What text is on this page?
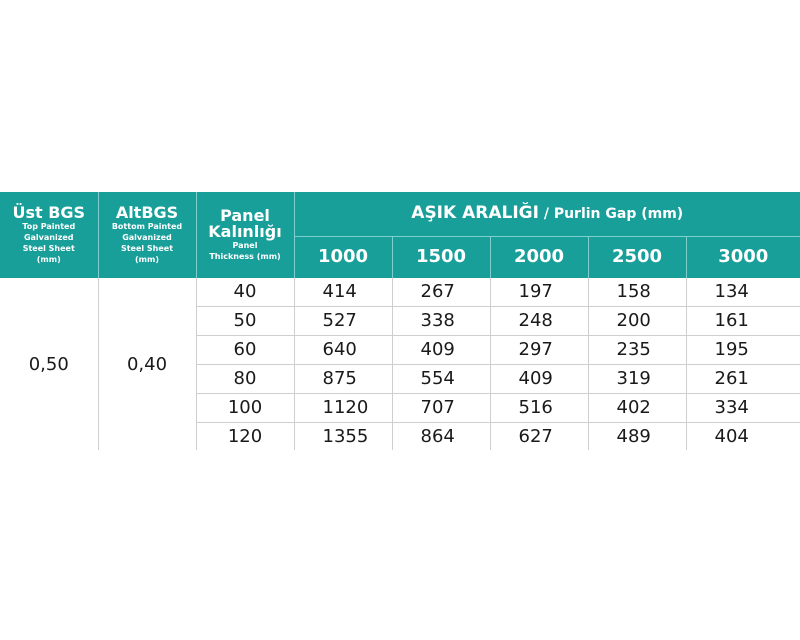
Üst BGS
Top Painted
Galvanized
Steel Sheet
(mm)	AltBGS
Bottom Painted
Galvanized
Steel Sheet
(mm)	Panel
Kalınlığı
Panel
Thickness (mm)	AŞIK ARALIĞI / Purlin Gap (mm)				
			1000	1500	2000	2500	3000
0,50	0,40	40	414	267	197	158	134
		50	527	338	248	200	161
		60	640	409	297	235	195
		80	875	554	409	319	261
		100	1120	707	516	402	334
		120	1355	864	627	489	404
